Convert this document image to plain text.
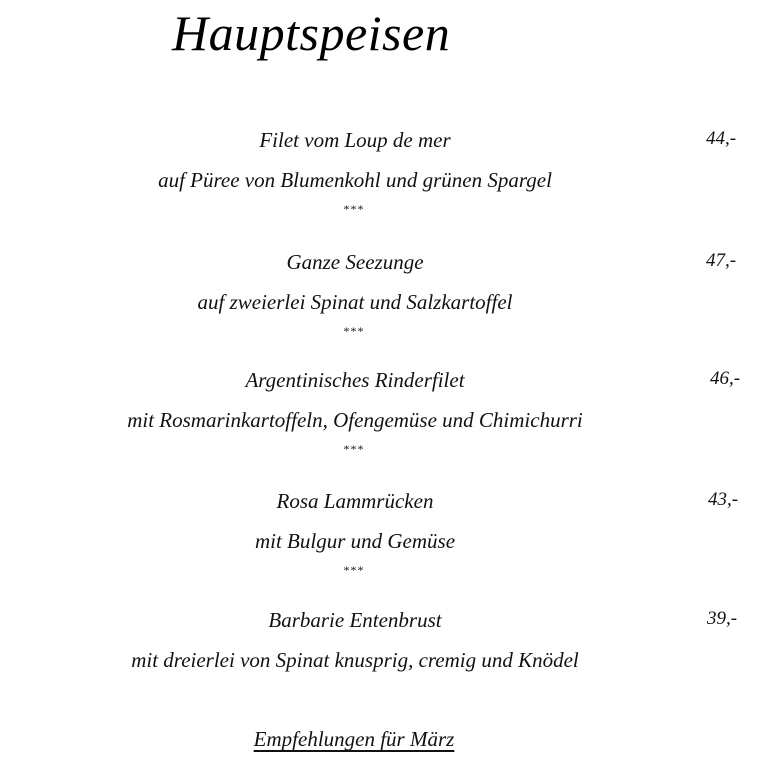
Hauptspeisen
Filet vom Loup de mer	44,-
auf Püree von Blumenkohl und grünen Spargel
***
Ganze Seezunge	47,-
auf zweierlei Spinat und Salzkartoffel
***
Argentinisches Rinderfilet	46,-
mit Rosmarinkartoffeln, Ofengemüse und Chimichurri
***
Rosa Lammrücken	43,-
mit Bulgur und Gemüse
***
Barbarie Entenbrust	39,-
mit dreierlei von Spinat knusprig, cremig und Knödel
Empfehlungen für März
